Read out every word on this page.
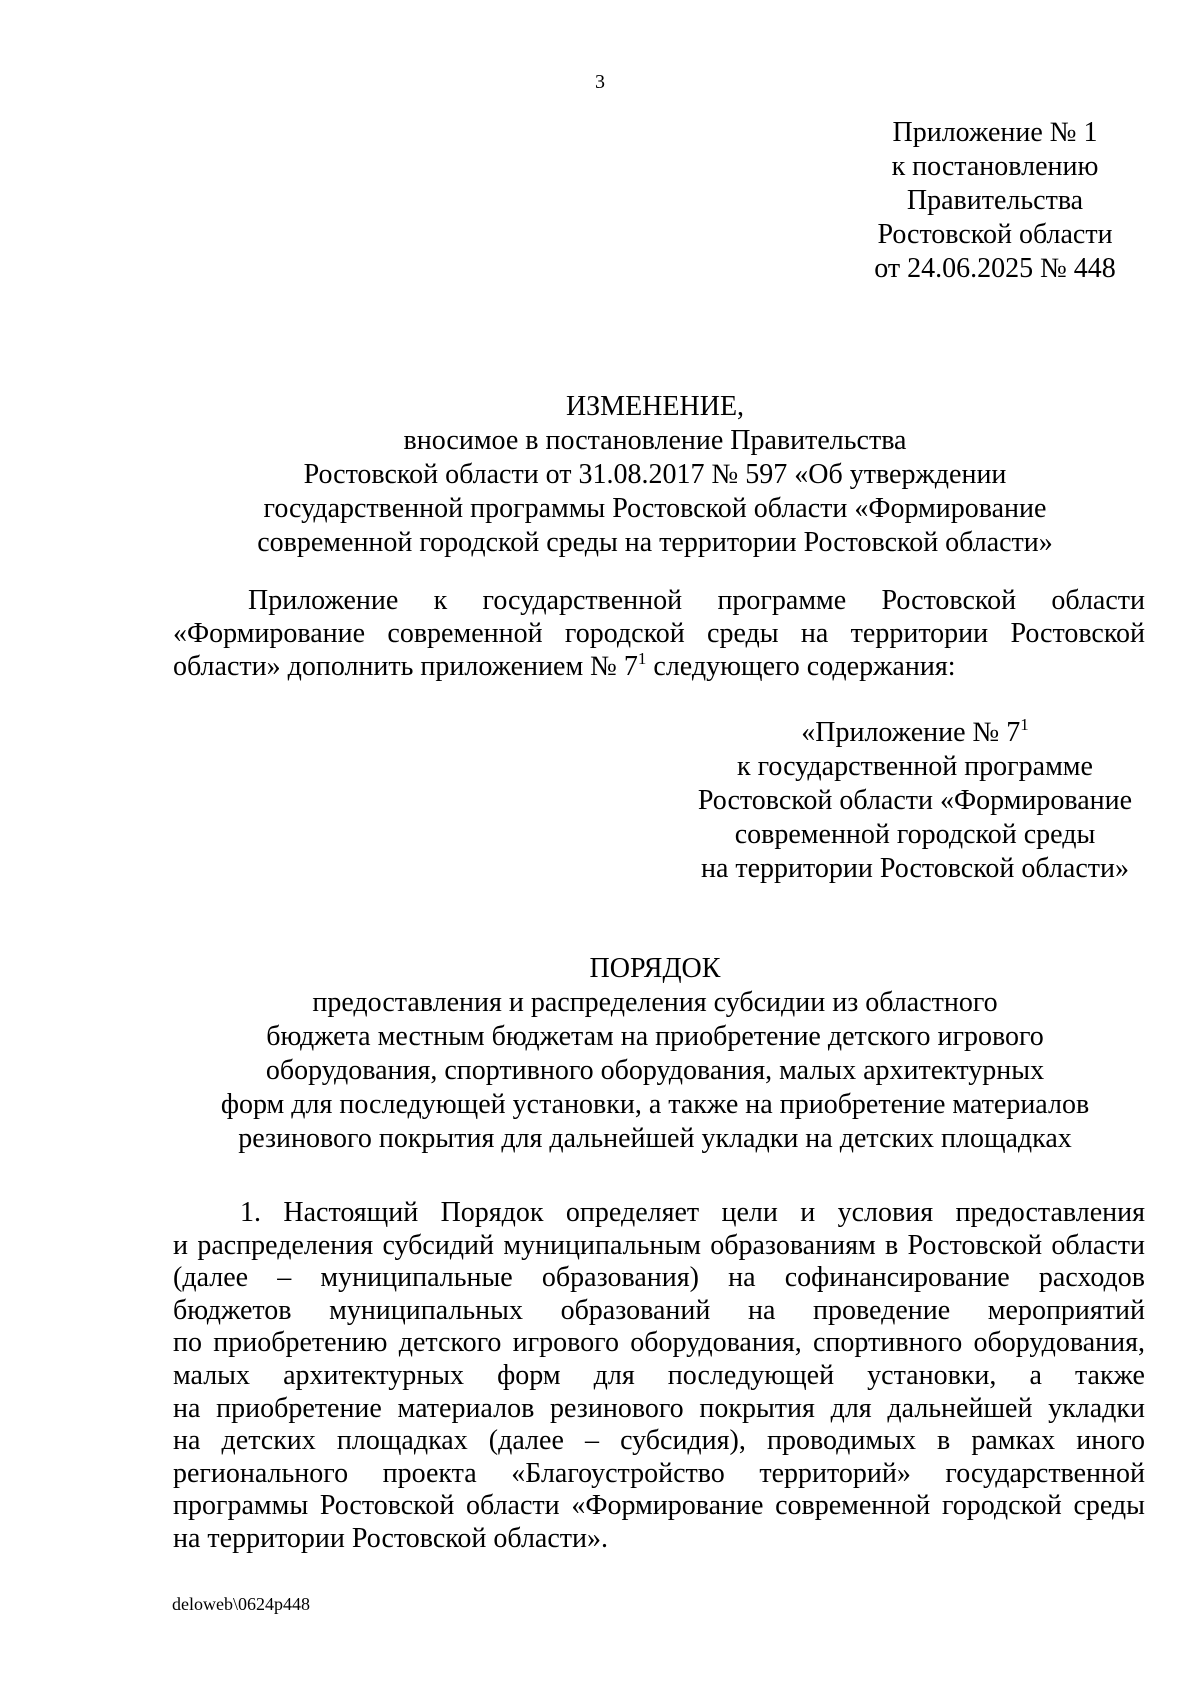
3
Приложение № 1
к постановлению
Правительства
Ростовской области
от 24.06.2025 № 448
ИЗМЕНЕНИЕ,
вносимое в постановление Правительства
Ростовской области от 31.08.2017 № 597 «Об утверждении
государственной программы Ростовской области «Формирование
современной городской среды на территории Ростовской области»
Приложение к государственной программе Ростовской области
«Формирование современной городской среды на территории Ростовской
области» дополнить приложением № $7^1$ следующего содержания:
«Приложение № $7^1$
к государственной программе
Ростовской области «Формирование
современной городской среды
на территории Ростовской области»
ПОРЯДОК
предоставления и распределения субсидии из областного
бюджета местным бюджетам на приобретение детского игрового
оборудования, спортивного оборудования, малых архитектурных
форм для последующей установки, а также на приобретение материалов
резинового покрытия для дальнейшей укладки на детских площадках
1. Настоящий Порядок определяет цели и условия предоставления
и распределения субсидий муниципальным образованиям в Ростовской области
(далее – муниципальные образования) на софинансирование расходов
бюджетов муниципальных образований на проведение мероприятий
по приобретению детского игрового оборудования, спортивного оборудования,
малых архитектурных форм для последующей установки, а также
на приобретение материалов резинового покрытия для дальнейшей укладки
на детских площадках (далее – субсидия), проводимых в рамках иного
регионального проекта «Благоустройство территорий» государственной
программы Ростовской области «Формирование современной городской среды
на территории Ростовской области».
deloweb\0624p448
